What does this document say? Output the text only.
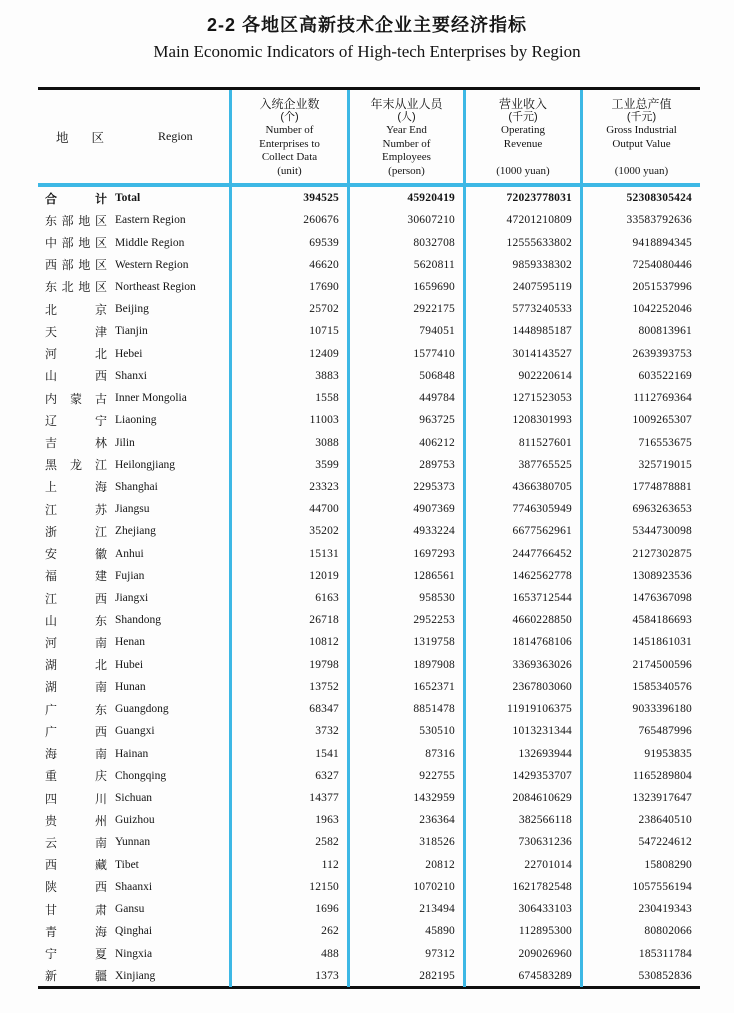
2-2 各地区高新技术企业主要经济指标
Main Economic Indicators of High-tech Enterprises by Region
地 区	Region
入统企业数
(个)
Number of
Enterprises to
Collect Data
(unit)
年末从业人员
(人)
Year End
Number of
Employees
(person)
营业收入
(千元)
Operating
Revenue
(1000 yuan)
工业总产值
(千元)
Gross Industrial
Output Value
(1000 yuan)
合	计 Total	394525	45920419	72023778031	52308305424
东 部 地 区 Eastern Region	260676	30607210	47201210809	33583792636
中 部 地 区 Middle Region	69539	8032708	12555633802	9418894345
西 部 地 区 Western Region	46620	5620811	9859338302	7254080446
东 北 地 区 Northeast Region	17690	1659690	2407595119	2051537996
北	京 Beijing	25702	2922175	5773240533	1042252046
天	津 Tianjin	10715	794051	1448985187	800813961
河	北 Hebei	12409	1577410	3014143527	2639393753
山	西 Shanxi	3883	506848	902220614	603522169
内 蒙 古 Inner Mongolia	1558	449784	1271523053	1112769364
辽	宁 Liaoning	11003	963725	1208301993	1009265307
吉	林 Jilin	3088	406212	811527601	716553675
黑 龙 江 Heilongjiang	3599	289753	387765525	325719015
上	海 Shanghai	23323	2295373	4366380705	1774878881
江	苏 Jiangsu	44700	4907369	7746305949	6963263653
浙	江 Zhejiang	35202	4933224	6677562961	5344730098
安	徽 Anhui	15131	1697293	2447766452	2127302875
福	建 Fujian	12019	1286561	1462562778	1308923536
江	西 Jiangxi	6163	958530	1653712544	1476367098
山	东 Shandong	26718	2952253	4660228850	4584186693
河	南 Henan	10812	1319758	1814768106	1451861031
湖	北 Hubei	19798	1897908	3369363026	2174500596
湖	南 Hunan	13752	1652371	2367803060	1585340576
广	东 Guangdong	68347	8851478	11919106375	9033396180
广	西 Guangxi	3732	530510	1013231344	765487996
海	南 Hainan	1541	87316	132693944	91953835
重	庆 Chongqing	6327	922755	1429353707	1165289804
四	川 Sichuan	14377	1432959	2084610629	1323917647
贵	州 Guizhou	1963	236364	382566118	238640510
云	南 Yunnan	2582	318526	730631236	547224612
西	藏 Tibet	112	20812	22701014	15808290
陕	西 Shaanxi	12150	1070210	1621782548	1057556194
甘	肃 Gansu	1696	213494	306433103	230419343
青	海 Qinghai	262	45890	112895300	80802066
宁	夏 Ningxia	488	97312	209026960	185311784
新	疆 Xinjiang	1373	282195	674583289	530852836
